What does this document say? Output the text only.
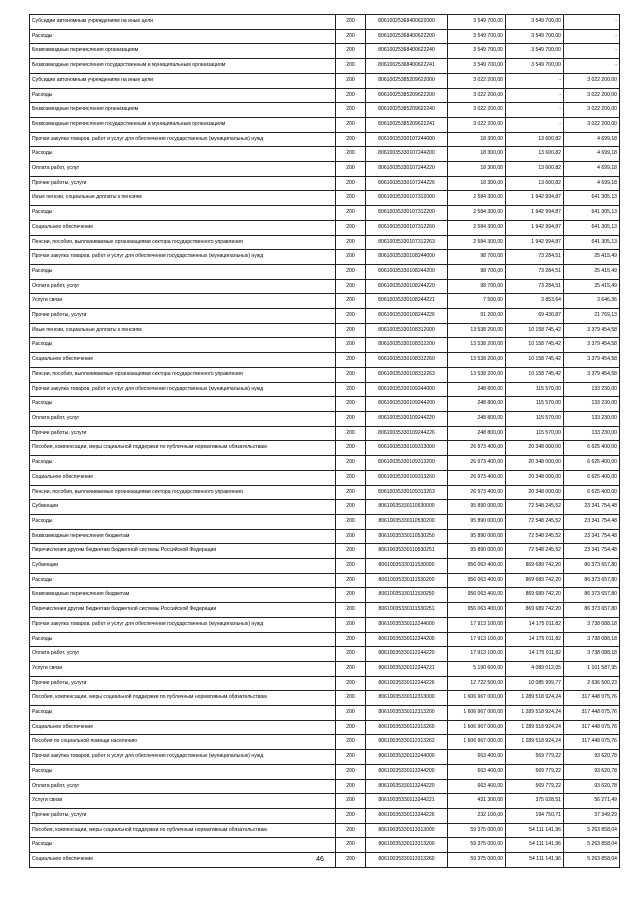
Субсидии автономным учреждениям на иные цели	200	80610025368400622000	3 549 700,00	3 549 700,00	-
Расходы	200	80610025368400622200	3 549 700,00	3 549 700,00	-
Безвозмездные перечисления организациям	200	80610025368400622240	3 549 700,00	3 549 700,00	-
Безвозмездные перечисления государственным и муниципальным организациям	200	80610025368400622241	3 549 700,00	3 549 700,00	-
Субсидии автономным учреждениям на иные цели	200	80610025385209622000	3 022 200,00	-	3 022 200,00
Расходы	200	80610025385209622200	3 022 200,00	-	3 022 200,00
Безвозмездные перечисления организациям	200	80610025385209622240	3 022 200,00	-	3 022 200,00
Безвозмездные перечисления государственным и муниципальным организациям	200	80610025385209622241	3 022 200,00	-	3 022 200,00
Прочая закупка товаров, работ и услуг для обеспечения государственных (муниципальных) нужд	200	80610035330107244000	18 300,00	13 600,82	4 699,18
Расходы	200	80610035330107244200	18 300,00	13 600,82	4 699,18
Оплата работ, услуг	200	80610035330107244220	18 300,00	13 600,82	4 699,18
Прочие работы, услуги	200	80610035330107244226	18 300,00	13 600,82	4 699,18
Иные пенсии, социальные доплаты к пенсиям	200	80610035330107312000	2 584 300,00	1 942 994,87	641 305,13
Расходы	200	80610035330107312200	2 584 300,00	1 942 994,87	641 305,13
Социальное обеспечение	200	80610035330107312260	2 584 300,00	1 942 994,87	641 305,13
Пенсии, пособия, выплачиваемые организациями сектора государственного управления	200	80610035330107312263	2 584 300,00	1 942 994,87	641 305,13
Прочая закупка товаров, работ и услуг для обеспечения государственных (муниципальных) нужд	200	80610035330108244000	98 700,00	73 284,51	25 415,49
Расходы	200	80610035330108244200	98 700,00	73 284,51	25 415,49
Оплата работ, услуг	200	80610035330108244220	98 700,00	73 284,51	25 415,49
Услуги связи	200	80610035330108244221	7 500,00	3 853,64	3 646,36
Прочие работы, услуги	200	80610035330108244226	91 200,00	69 430,87	21 769,13
Иные пенсии, социальные доплаты к пенсиям	200	80610035330108312000	13 538 200,00	10 158 745,42	3 379 454,58
Расходы	200	80610035330108312200	13 538 200,00	10 158 745,42	3 379 454,58
Социальное обеспечение	200	80610035330108312260	13 538 200,00	10 158 745,42	3 379 454,58
Пенсии, пособия, выплачиваемые организациями сектора государственного управления	200	80610035330108312263	13 538 200,00	10 158 745,42	3 379 454,58
Прочая закупка товаров, работ и услуг для обеспечения государственных (муниципальных) нужд	200	80610035330109244000	248 800,00	115 570,00	133 230,00
Расходы	200	80610035330109244200	248 800,00	115 570,00	133 230,00
Оплата работ, услуг	200	80610035330109244220	248 800,00	115 570,00	133 230,00
Прочие работы, услуги	200	80610035330109244226	248 800,00	115 570,00	133 230,00
Пособия, компенсации, меры социальной поддержки по публичным нормативным обязательствам	200	80610035330109313000	26 973 400,00	20 348 000,00	6 625 400,00
Расходы	200	80610035330109313200	26 973 400,00	20 348 000,00	6 625 400,00
Социальное обеспечение	200	80610035330109313260	26 973 400,00	20 348 000,00	6 625 400,00
Пенсии, пособия, выплачиваемые организациями сектора государственного управления	200	80610035330109313263	26 973 400,00	20 348 000,00	6 625 400,00
Субвенции	200	80610035330110530000	95 890 000,00	72 548 245,52	23 341 754,48
Расходы	200	80610035330110530200	95 890 000,00	72 548 245,52	23 341 754,48
Безвозмездные перечисления бюджетам	200	80610035330110530250	95 890 000,00	72 548 245,52	23 341 754,48
Перечисления другим бюджетам бюджетной системы Российской Федерации	200	80610035330110530251	95 890 000,00	72 548 245,52	23 341 754,48
Субвенции	200	80610035330111530000	956 063 400,00	869 689 742,20	86 373 657,80
Расходы	200	80610035330111530200	956 063 400,00	869 689 742,20	86 373 657,80
Безвозмездные перечисления бюджетам	200	80610035330111530250	956 063 400,00	869 689 742,20	86 373 657,80
Перечисления другим бюджетам бюджетной системы Российской Федерации	200	80610035330111530251	956 063 400,00	869 689 742,20	86 373 657,80
Прочая закупка товаров, работ и услуг для обеспечения государственных (муниципальных) нужд	200	80610035330112244000	17 913 100,00	14 175 011,82	3 738 088,18
Расходы	200	80610035330112244200	17 913 100,00	14 175 011,82	3 738 088,18
Оплата работ, услуг	200	80610035330112244220	17 913 100,00	14 175 011,82	3 738 088,18
Услуги связи	200	80610035330112244221	5 190 600,00	4 089 012,05	1 101 587,95
Прочие работы, услуги	200	80610035330112244226	12 722 500,00	10 085 999,77	2 636 500,23
Пособия, компенсации, меры социальной поддержки по публичным нормативным обязательствам	200	80610035330112313000	1 606 967 000,00	1 289 518 924,24	317 448 075,76
Расходы	200	80610035330112313200	1 606 967 000,00	1 289 518 924,24	317 448 075,76
Социальное обеспечение	200	80610035330112313260	1 606 967 000,00	1 289 518 924,24	317 448 075,76
Пособия по социальной помощи населению	200	80610035330112313262	1 606 967 000,00	1 289 518 924,24	317 448 075,76
Прочая закупка товаров, работ и услуг для обеспечения государственных (муниципальных) нужд	200	80610035330113244000	663 400,00	569 779,22	93 620,78
Расходы	200	80610035330113244200	663 400,00	569 779,22	93 620,78
Оплата работ, услуг	200	80610035330113244220	663 400,00	569 779,22	93 620,78
Услуги связи	200	80610035330113244221	431 300,00	375 028,51	56 271,49
Прочие работы, услуги	200	80610035330113244226	232 100,00	194 750,71	37 349,29
Пособия, компенсации, меры социальной поддержки по публичным нормативным обязательствам	200	80610035330113313000	59 375 000,00	54 111 141,96	5 263 858,04
Расходы	200	80610035330113313200	59 375 000,00	54 111 141,96	5 263 858,04
Социальное обеспечение	200	80610035330113313260	59 375 000,00	54 111 141,96	5 263 858,04
46
